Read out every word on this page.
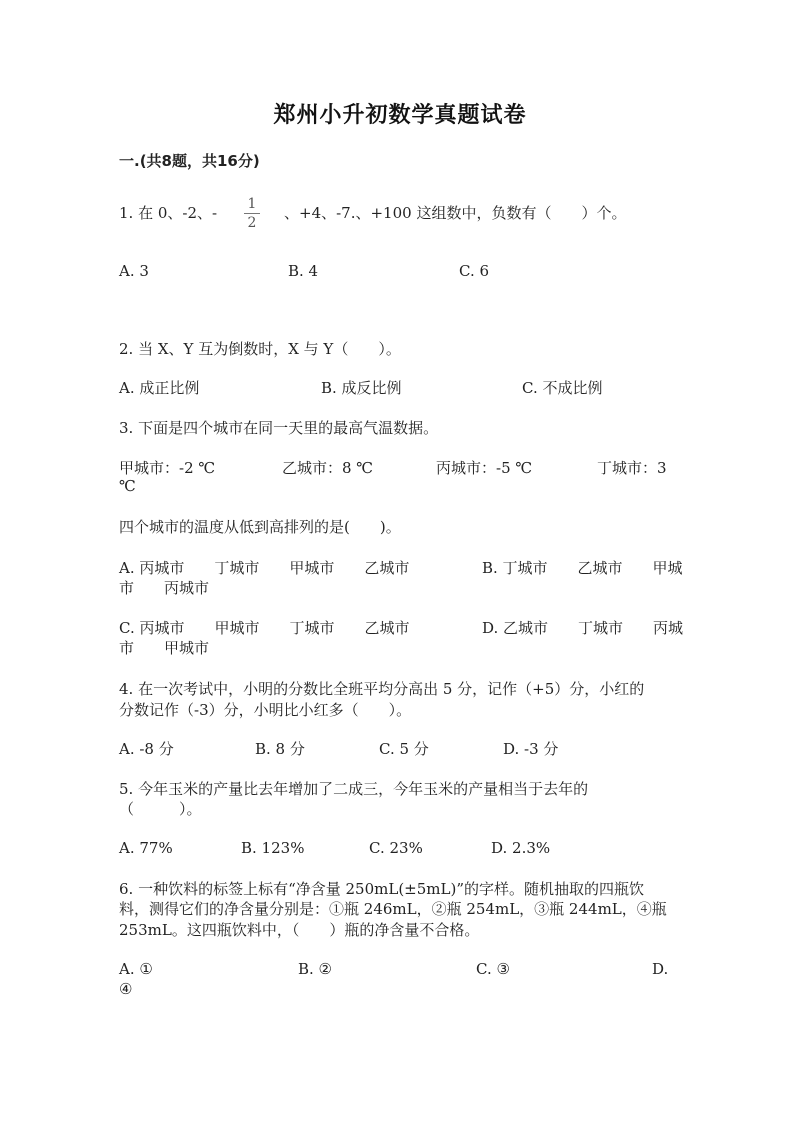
郑州小升初数学真题试卷
一.(共8题，共16分)
1. 在 0、-2、- 1
2
、+4、-7.、+100 这组数中，负数有（　　）个。
A. 3	B. 4	C. 6
2. 当 X、Y 互为倒数时，X 与 Y（　　）。
A. 成正比例	B. 成反比例	C. 不成比例
3. 下面是四个城市在同一天里的最高气温数据。
甲城市：-2 ℃	乙城市：8 ℃	丙城市：-5 ℃	丁城市：3
℃
四个城市的温度从低到高排列的是(　　)。
A. 丙城市　　丁城市　　甲城市　　乙城市	B. 丁城市　　乙城市　　甲城
市　　丙城市
C. 丙城市　　甲城市　　丁城市　　乙城市	D. 乙城市　　丁城市　　丙城
市　　甲城市
4. 在一次考试中，小明的分数比全班平均分高出 5 分，记作（+5）分，小红的
分数记作（-3）分，小明比小红多（　　）。
A. -8 分	B. 8 分	C. 5 分	D. -3 分
5. 今年玉米的产量比去年增加了二成三，今年玉米的产量相当于去年的
（　　　）。
A. 77%	B. 123%	C. 23%	D. 2.3%
6. 一种饮料的标签上标有“净含量 250mL(±5mL)”的字样。随机抽取的四瓶饮
料，测得它们的净含量分别是：①瓶 246mL，②瓶 254mL，③瓶 244mL，④瓶
253mL。这四瓶饮料中，（　　）瓶的净含量不合格。
A. ①	B. ②	C. ③	D.
④
